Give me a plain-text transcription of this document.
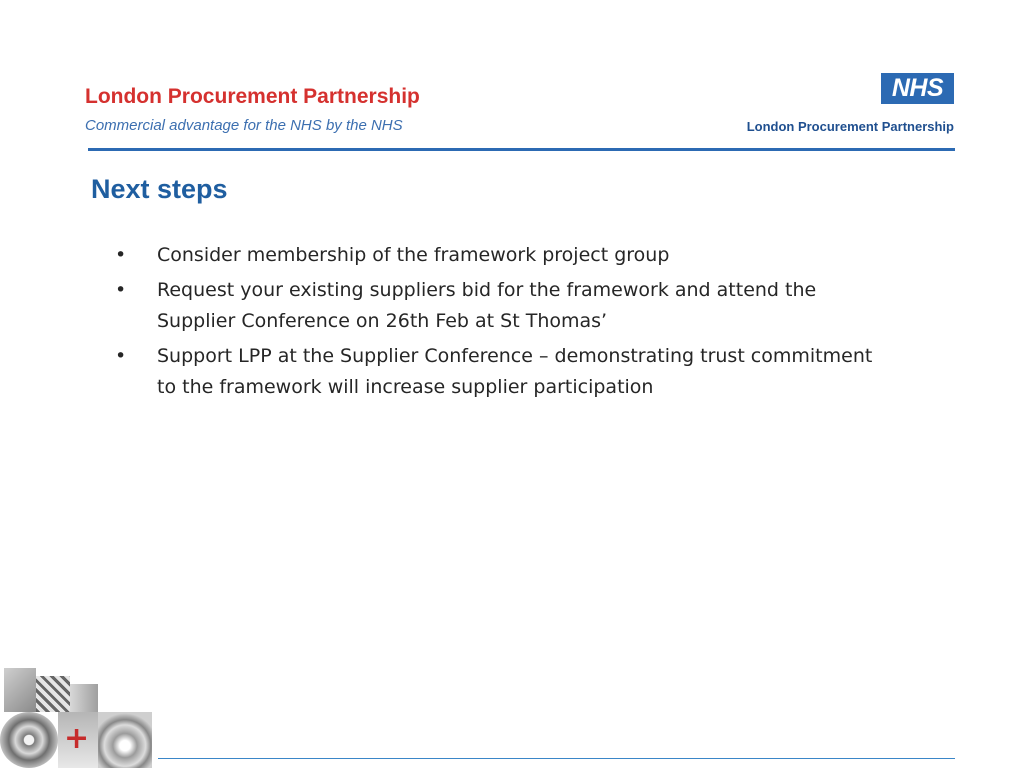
London Procurement Partnership
Commercial advantage for the NHS by the NHS
NHS
London Procurement Partnership
Next steps
• Consider membership of the framework project group
• Request your existing suppliers bid for the framework and attend the Supplier Conference on 26th Feb at St Thomas’
• Support LPP at the Supplier Conference – demonstrating trust commitment to the framework will increase supplier participation
+
